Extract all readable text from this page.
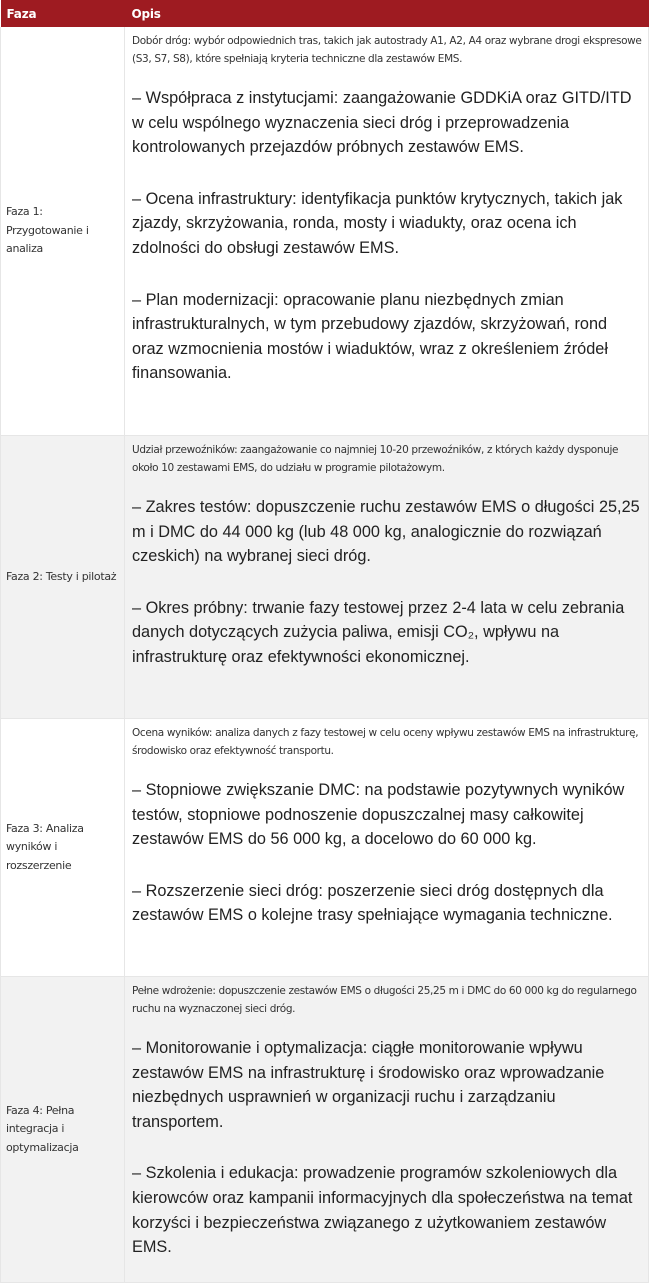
Faza	Opis
Faza 1: Przygotowanie i analiza	Dobór dróg: wybór odpowiednich tras, takich jak autostrady A1, A2, A4 oraz wybrane drogi ekspresowe (S3, S7, S8), które spełniają kryteria techniczne dla zestawów EMS.

– Współpraca z instytucjami: zaangażowanie GDDKiA oraz GITD/ITD w celu wspólnego wyznaczenia sieci dróg i przeprowadzenia kontrolowanych przejazdów próbnych zestawów EMS.

– Ocena infrastruktury: identyfikacja punktów krytycznych, takich jak zjazdy, skrzyżowania, ronda, mosty i wiadukty, oraz ocena ich zdolności do obsługi zestawów EMS.

– Plan modernizacji: opracowanie planu niezbędnych zmian infrastrukturalnych, w tym przebudowy zjazdów, skrzyżowań, rond oraz wzmocnienia mostów i wiaduktów, wraz z określeniem źródeł finansowania.

Faza 2: Testy i pilotaż	Udział przewoźników: zaangażowanie co najmniej 10-20 przewoźników, z których każdy dysponuje około 10 zestawami EMS, do udziału w programie pilotażowym.

– Zakres testów: dopuszczenie ruchu zestawów EMS o długości 25,25 m i DMC do 44 000 kg (lub 48 000 kg, analogicznie do rozwiązań czeskich) na wybranej sieci dróg.

– Okres próbny: trwanie fazy testowej przez 2-4 lata w celu zebrania danych dotyczących zużycia paliwa, emisji CO₂, wpływu na infrastrukturę oraz efektywności ekonomicznej.

Faza 3: Analiza wyników i rozszerzenie	Ocena wyników: analiza danych z fazy testowej w celu oceny wpływu zestawów EMS na infrastrukturę, środowisko oraz efektywność transportu.

– Stopniowe zwiększanie DMC: na podstawie pozytywnych wyników testów, stopniowe podnoszenie dopuszczalnej masy całkowitej zestawów EMS do 56 000 kg, a docelowo do 60 000 kg.

– Rozszerzenie sieci dróg: poszerzenie sieci dróg dostępnych dla zestawów EMS o kolejne trasy spełniające wymagania techniczne.

Faza 4: Pełna integracja i optymalizacja	Pełne wdrożenie: dopuszczenie zestawów EMS o długości 25,25 m i DMC do 60 000 kg do regularnego ruchu na wyznaczonej sieci dróg.

– Monitorowanie i optymalizacja: ciągłe monitorowanie wpływu zestawów EMS na infrastrukturę i środowisko oraz wprowadzanie niezbędnych usprawnień w organizacji ruchu i zarządzaniu transportem.

– Szkolenia i edukacja: prowadzenie programów szkoleniowych dla kierowców oraz kampanii informacyjnych dla społeczeństwa na temat korzyści i bezpieczeństwa związanego z użytkowaniem zestawów EMS.
